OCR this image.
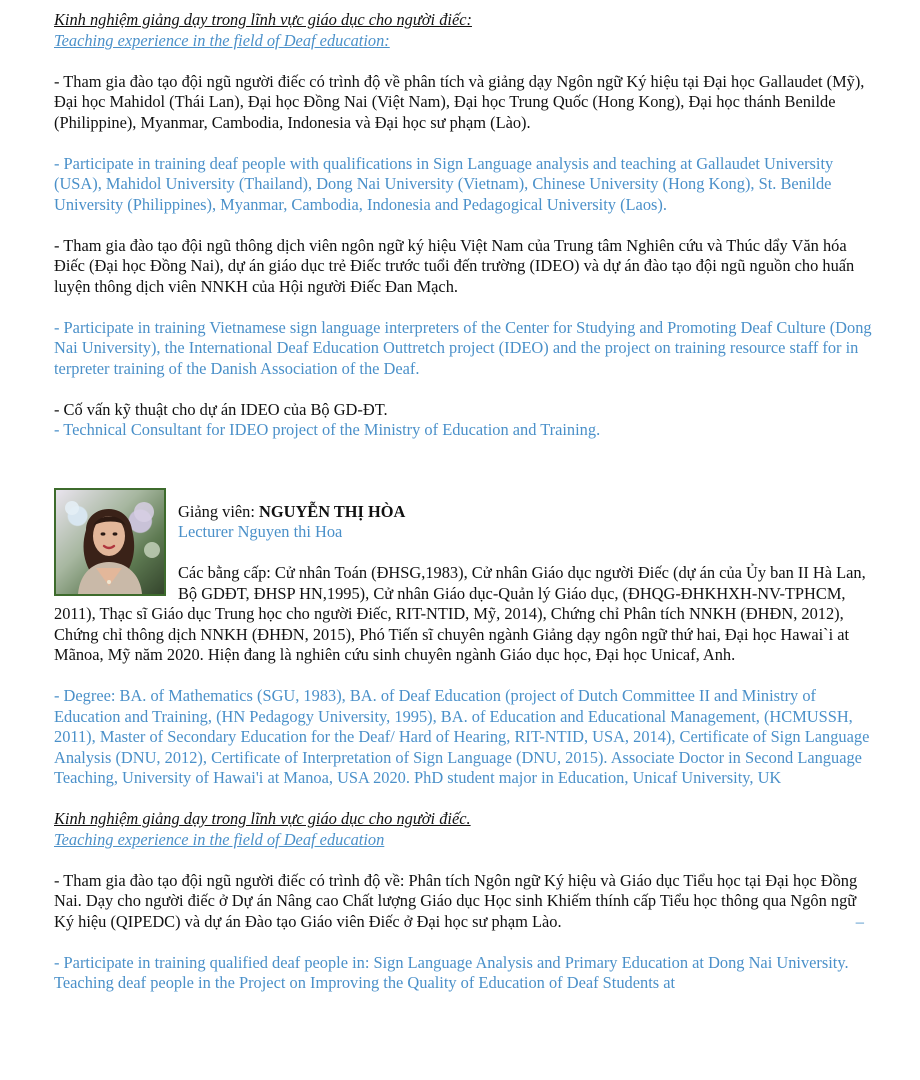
Kinh nghiệm giảng dạy trong lĩnh vực giáo dục cho người điếc:

Teaching experience in the field of Deaf education:

- Tham gia đào tạo đội ngũ người điếc có trình độ về phân tích và giảng dạy Ngôn ngữ Ký hiệu tại Đại học Gallaudet (Mỹ), Đại học Mahidol (Thái Lan), Đại học Đồng Nai (Việt Nam), Đại học Trung Quốc (Hong Kong), Đại học thánh Benilde (Philippine), Myanmar, Cambodia, Indonesia và Đại học sư phạm (Lào).

- Participate in training deaf people with qualifications in Sign Language analysis and teaching at Gallaudet University (USA), Mahidol University (Thailand), Dong Nai University (Vietnam), Chinese University (Hong Kong), St. Benilde University (Philippines), Myanmar, Cambodia, Indonesia and Pedagogical University (Laos).

- Tham gia đào tạo đội ngũ thông dịch viên ngôn ngữ ký hiệu Việt Nam của Trung tâm Nghiên cứu và Thúc dẩy Văn hóa Điếc (Đại học Đồng Nai), dự án giáo dục trẻ Điếc trước tuổi đến trường (IDEO) và dự án đào tạo đội ngũ nguồn cho huấn luyện thông dịch viên NNKH của Hội người Điếc Đan Mạch.

- Participate in training Vietnamese sign language interpreters of the Center for Studying and Promoting Deaf Culture (Dong Nai University), the International Deaf Education Outtretch project (IDEO) and the project on training resource staff for in terpreter training of the Danish Association of the Deaf.

- Cố vấn kỹ thuật cho dự án IDEO của Bộ GD-ĐT.

- Technical Consultant for IDEO project of the Ministry of Education and Training.

Giảng viên: NGUYỄN THỊ HÒA

Lecturer Nguyen thi Hoa

Các bằng cấp: Cử nhân Toán (ĐHSG,1983), Cử nhân Giáo dục người Điếc (dự án của Ủy ban II Hà Lan, Bộ GDĐT, ĐHSP HN,1995), Cử nhân Giáo dục-Quản lý Giáo dục, (ĐHQG-ĐHKHXH-NV-TPHCM, 2011), Thạc sĩ Giáo dục Trung học cho người Điếc, RIT-NTID, Mỹ, 2014), Chứng chỉ Phân tích NNKH (ĐHĐN, 2012), Chứng chỉ thông dịch NNKH (ĐHĐN, 2015), Phó Tiến sĩ chuyên ngành Giảng dạy ngôn ngữ thứ hai, Đại học Hawai`i at Mãnoa, Mỹ năm 2020. Hiện đang là nghiên cứu sinh chuyên ngành Giáo dục học, Đại học Unicaf, Anh.

- Degree: BA. of Mathematics (SGU, 1983), BA. of Deaf Education (project of Dutch Committee II and Ministry of Education and Training, (HN Pedagogy University, 1995), BA. of Education and Educational Management, (HCMUSSH, 2011), Master of Secondary Education for the Deaf/ Hard of Hearing, RIT-NTID, USA, 2014), Certificate of Sign Language Analysis (DNU, 2012), Certificate of Interpretation of Sign Language (DNU, 2015). Associate Doctor in Second Language Teaching, University of Hawai'i at Manoa, USA 2020. PhD student major in Education, Unicaf University, UK

Kinh nghiệm giảng dạy trong lĩnh vực giáo dục cho người điếc.

Teaching experience in the field of Deaf education

- Tham gia đào tạo đội ngũ người điếc có trình độ về: Phân tích Ngôn ngữ Ký hiệu và Giáo dục Tiểu học tại Đại học Đồng Nai. Dạy cho người điếc ở Dự án Nâng cao Chất lượng Giáo dục Học sinh Khiếm thính cấp Tiểu học thông qua Ngôn ngữ Ký hiệu (QIPEDC) và dự án Đào tạo Giáo viên Điếc ở Đại học sư phạm Lào.	–

- Participate in training qualified deaf people in: Sign Language Analysis and Primary Education at Dong Nai University. Teaching deaf people in the Project on Improving the Quality of Education of Deaf Students at
